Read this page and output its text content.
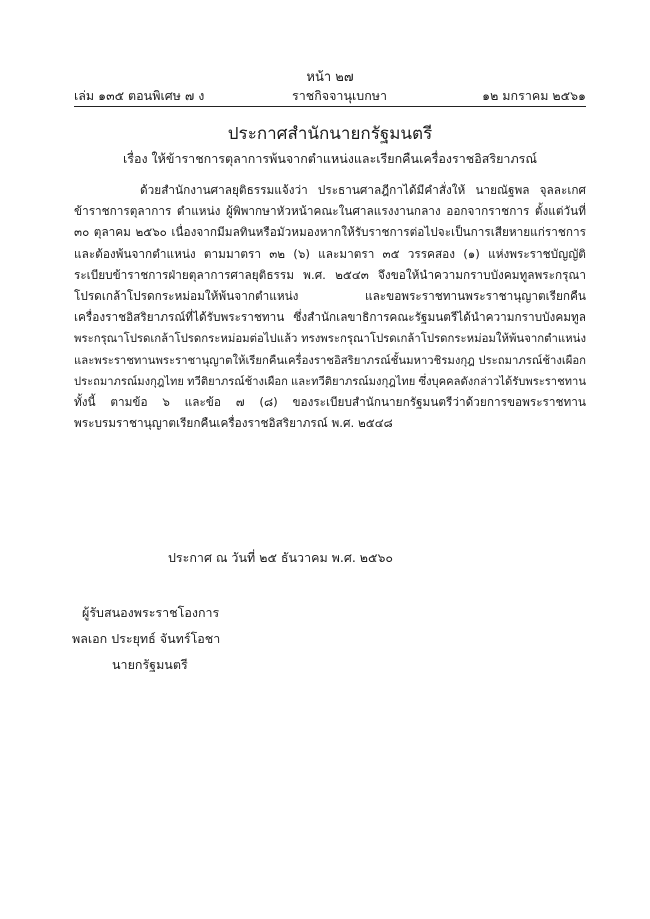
หน้า ๒๗
เล่ม ๑๓๕ ตอนพิเศษ ๗ ง	ราชกิจจานุเบกษา	๑๒ มกราคม ๒๕๖๑
ประกาศสำนักนายกรัฐมนตรี
เรื่อง ให้ข้าราชการตุลาการพ้นจากตำแหน่งและเรียกคืนเครื่องราชอิสริยาภรณ์
ด้วยสำนักงานศาลยุติธรรมแจ้งว่า ประธานศาลฎีกาได้มีคำสั่งให้ นายณัฐพล จุลละเกศ
ข้าราชการตุลาการ ตำแหน่ง ผู้พิพากษาหัวหน้าคณะในศาลแรงงานกลาง ออกจากราชการ ตั้งแต่วันที่
๓๐ ตุลาคม ๒๕๖๐ เนื่องจากมีมลทินหรือมัวหมองหากให้รับราชการต่อไปจะเป็นการเสียหายแก่ราชการ
และต้องพ้นจากตำแหน่ง ตามมาตรา ๓๒ (๖) และมาตรา ๓๕ วรรคสอง (๑) แห่งพระราชบัญญัติ
ระเบียบข้าราชการฝ่ายตุลาการศาลยุติธรรม พ.ศ. ๒๕๔๓ จึงขอให้นำความกราบบังคมทูลพระกรุณา
โปรดเกล้าโปรดกระหม่อมให้พ้นจากตำแหน่ง	และขอพระราชทานพระราชานุญาตเรียกคืน
เครื่องราชอิสริยาภรณ์ที่ได้รับพระราชทาน ซึ่งสำนักเลขาธิการคณะรัฐมนตรีได้นำความกราบบังคมทูล
พระกรุณาโปรดเกล้าโปรดกระหม่อมต่อไปแล้ว ทรงพระกรุณาโปรดเกล้าโปรดกระหม่อมให้พ้นจากตำแหน่ง
และพระราชทานพระราชานุญาตให้เรียกคืนเครื่องราชอิสริยาภรณ์ชั้นมหาวชิรมงกุฎ ประถมาภรณ์ช้างเผือก
ประถมาภรณ์มงกุฎไทย ทวีติยาภรณ์ช้างเผือก และทวีติยาภรณ์มงกุฎไทย ซึ่งบุคคลดังกล่าวได้รับพระราชทาน
ทั้งนี้ ตามข้อ ๖ และข้อ ๗ (๘) ของระเบียบสำนักนายกรัฐมนตรีว่าด้วยการขอพระราชทาน
พระบรมราชานุญาตเรียกคืนเครื่องราชอิสริยาภรณ์
พ.ศ.
๒๕๔๘

ประกาศ ณ วันที่ ๒๕ ธันวาคม พ.ศ. ๒๕๖๐
ผู้รับสนองพระราชโองการ
พลเอก ประยุทธ์ จันทร์โอชา
นายกรัฐมนตรี
